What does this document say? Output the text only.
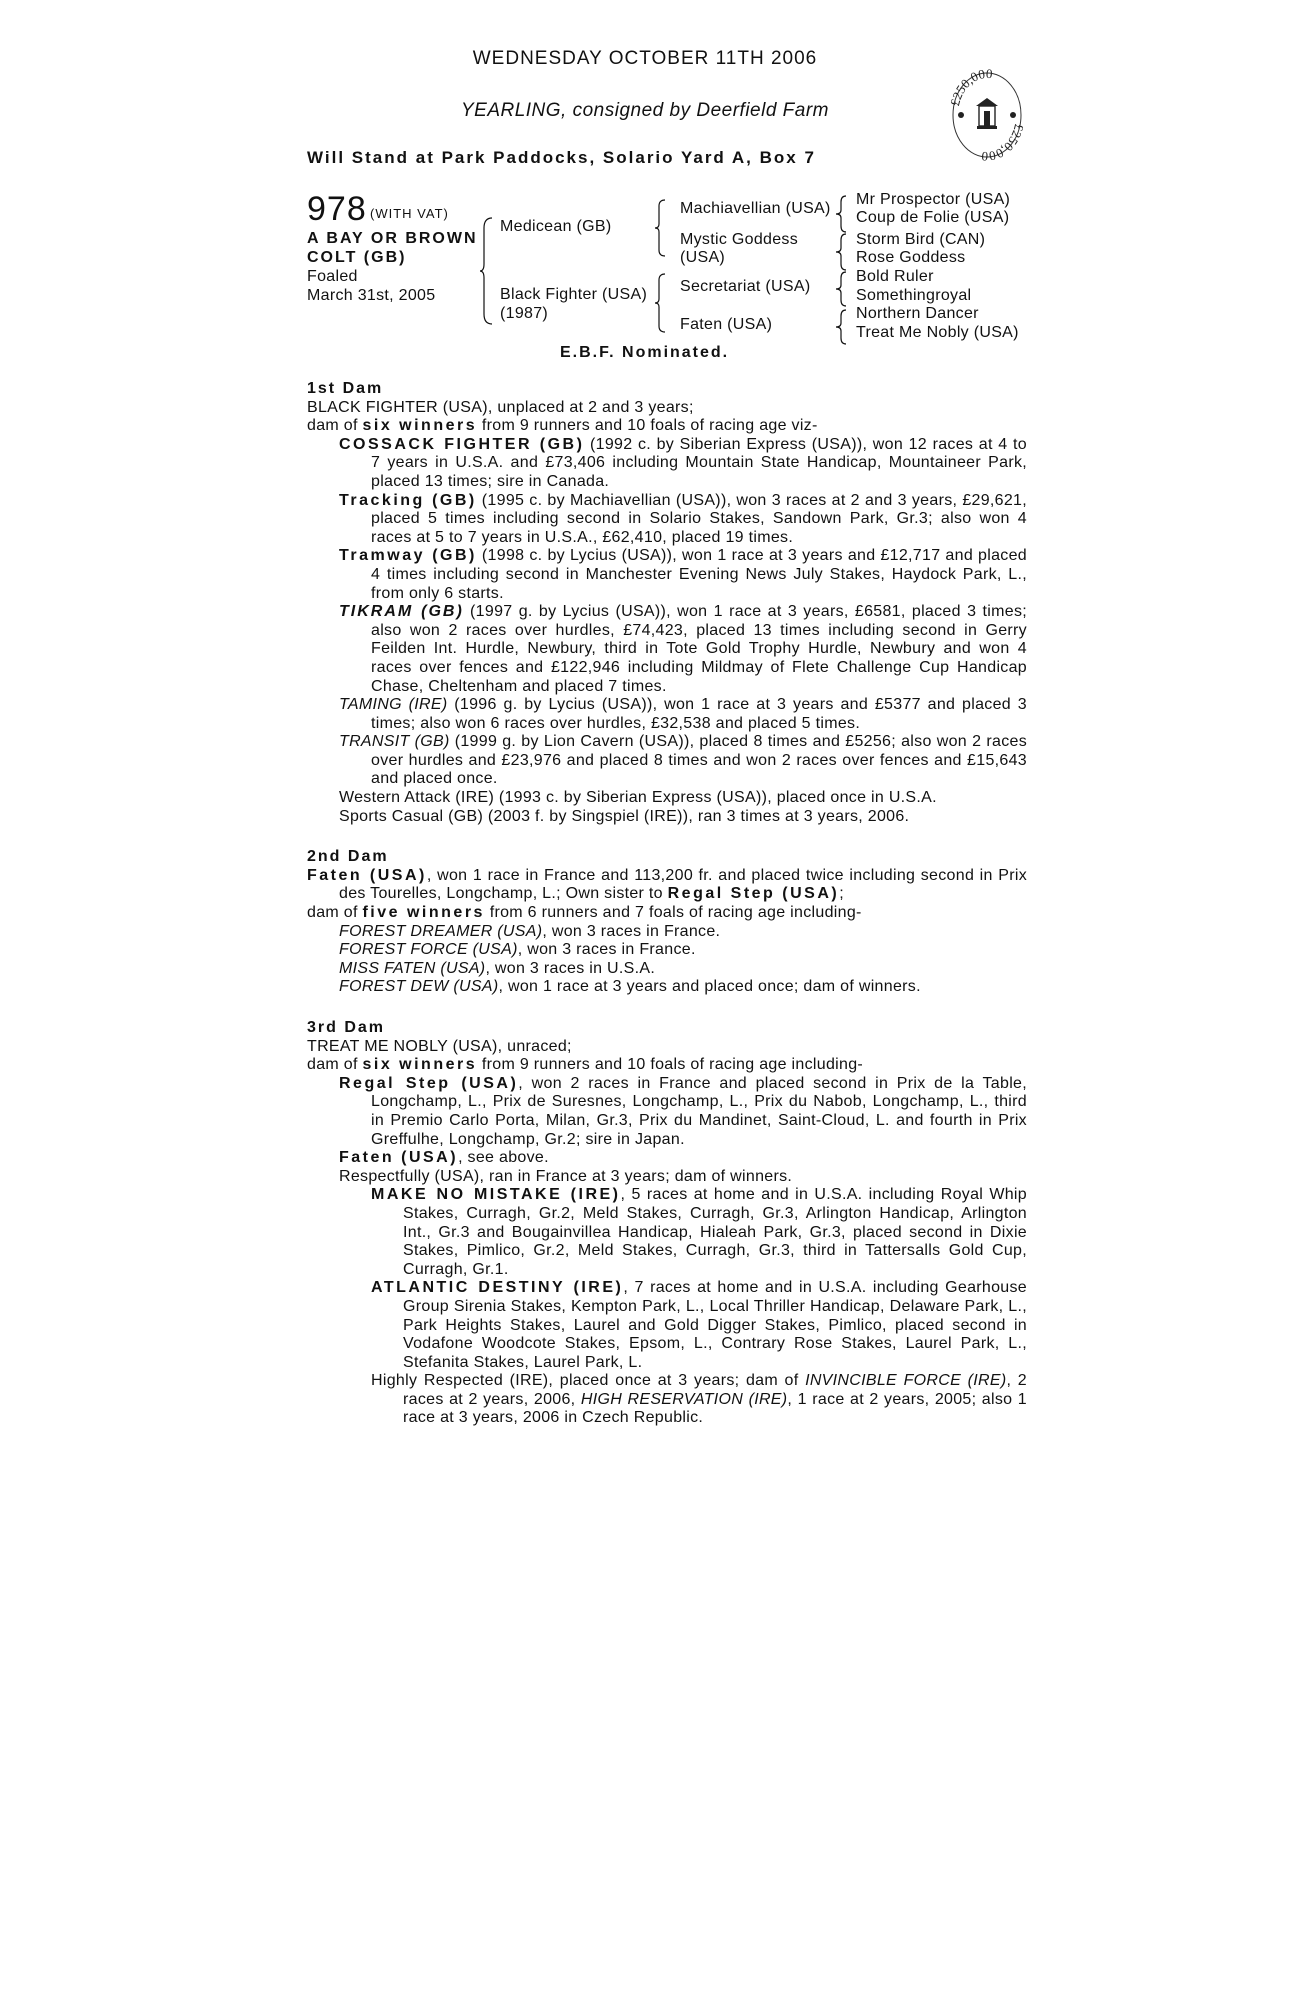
WEDNESDAY OCTOBER 11TH 2006
YEARLING, consigned by Deerfield Farm
Will Stand at Park Paddocks, Solario Yard A, Box 7
£250,000
£250,000
978 (WITH VAT)
A BAY OR BROWN
COLT (GB)
Foaled
March 31st, 2005
Medicean (GB)
Black Fighter (USA)
(1987)
Machiavellian (USA)
Mystic Goddess
(USA)
Secretariat (USA)
Faten (USA)
Mr Prospector (USA)
Coup de Folie (USA)
Storm Bird (CAN)
Rose Goddess
Bold Ruler
Somethingroyal
Northern Dancer
Treat Me Nobly (USA)
E.B.F. Nominated.

1st Dam

BLACK FIGHTER (USA), unplaced at 2 and 3 years;

dam of six winners from 9 runners and 10 foals of racing age viz-

COSSACK FIGHTER (GB) (1992 c. by Siberian Express (USA)), won 12 races at 4 to 7 years in U.S.A. and £73,406 including Mountain State Handicap, Mountaineer Park, placed 13 times; sire in Canada.

Tracking (GB) (1995 c. by Machiavellian (USA)), won 3 races at 2 and 3 years, £29,621, placed 5 times including second in Solario Stakes, Sandown Park, Gr.3; also won 4 races at 5 to 7 years in U.S.A., £62,410, placed 19 times.

Tramway (GB) (1998 c. by Lycius (USA)), won 1 race at 3 years and £12,717 and placed 4 times including second in Manchester Evening News July Stakes, Haydock Park, L., from only 6 starts.

TIKRAM (GB) (1997 g. by Lycius (USA)), won 1 race at 3 years, £6581, placed 3 times; also won 2 races over hurdles, £74,423, placed 13 times including second in Gerry Feilden Int. Hurdle, Newbury, third in Tote Gold Trophy Hurdle, Newbury and won 4 races over fences and £122,946 including Mildmay of Flete Challenge Cup Handicap Chase, Cheltenham and placed 7 times.

TAMING (IRE) (1996 g. by Lycius (USA)), won 1 race at 3 years and £5377 and placed 3 times; also won 6 races over hurdles, £32,538 and placed 5 times.

TRANSIT (GB) (1999 g. by Lion Cavern (USA)), placed 8 times and £5256; also won 2 races over hurdles and £23,976 and placed 8 times and won 2 races over fences and £15,643 and placed once.

Western Attack (IRE) (1993 c. by Siberian Express (USA)), placed once in U.S.A.

Sports Casual (GB) (2003 f. by Singspiel (IRE)), ran 3 times at 3 years, 2006.

2nd Dam

Faten (USA), won 1 race in France and 113,200 fr. and placed twice including second in Prix des Tourelles, Longchamp, L.; Own sister to Regal Step (USA);

dam of five winners from 6 runners and 7 foals of racing age including-

FOREST DREAMER (USA), won 3 races in France.

FOREST FORCE (USA), won 3 races in France.

MISS FATEN (USA), won 3 races in U.S.A.

FOREST DEW (USA), won 1 race at 3 years and placed once; dam of winners.

3rd Dam

TREAT ME NOBLY (USA), unraced;

dam of six winners from 9 runners and 10 foals of racing age including-

Regal Step (USA), won 2 races in France and placed second in Prix de la Table, Longchamp, L., Prix de Suresnes, Longchamp, L., Prix du Nabob, Longchamp, L., third in Premio Carlo Porta, Milan, Gr.3, Prix du Mandinet, Saint-Cloud, L. and fourth in Prix Greffulhe, Longchamp, Gr.2; sire in Japan.

Faten (USA), see above.

Respectfully (USA), ran in France at 3 years; dam of winners.

MAKE NO MISTAKE (IRE), 5 races at home and in U.S.A. including Royal Whip Stakes, Curragh, Gr.2, Meld Stakes, Curragh, Gr.3, Arlington Handicap, Arlington Int., Gr.3 and Bougainvillea Handicap, Hialeah Park, Gr.3, placed second in Dixie Stakes, Pimlico, Gr.2, Meld Stakes, Curragh, Gr.3, third in Tattersalls Gold Cup, Curragh, Gr.1.

ATLANTIC DESTINY (IRE), 7 races at home and in U.S.A. including Gearhouse Group Sirenia Stakes, Kempton Park, L., Local Thriller Handicap, Delaware Park, L., Park Heights Stakes, Laurel and Gold Digger Stakes, Pimlico, placed second in Vodafone Woodcote Stakes, Epsom, L., Contrary Rose Stakes, Laurel Park, L., Stefanita Stakes, Laurel Park, L.

Highly Respected (IRE), placed once at 3 years; dam of INVINCIBLE FORCE (IRE), 2 races at 2 years, 2006, HIGH RESERVATION (IRE), 1 race at 2 years, 2005; also 1 race at 3 years, 2006 in Czech Republic.
